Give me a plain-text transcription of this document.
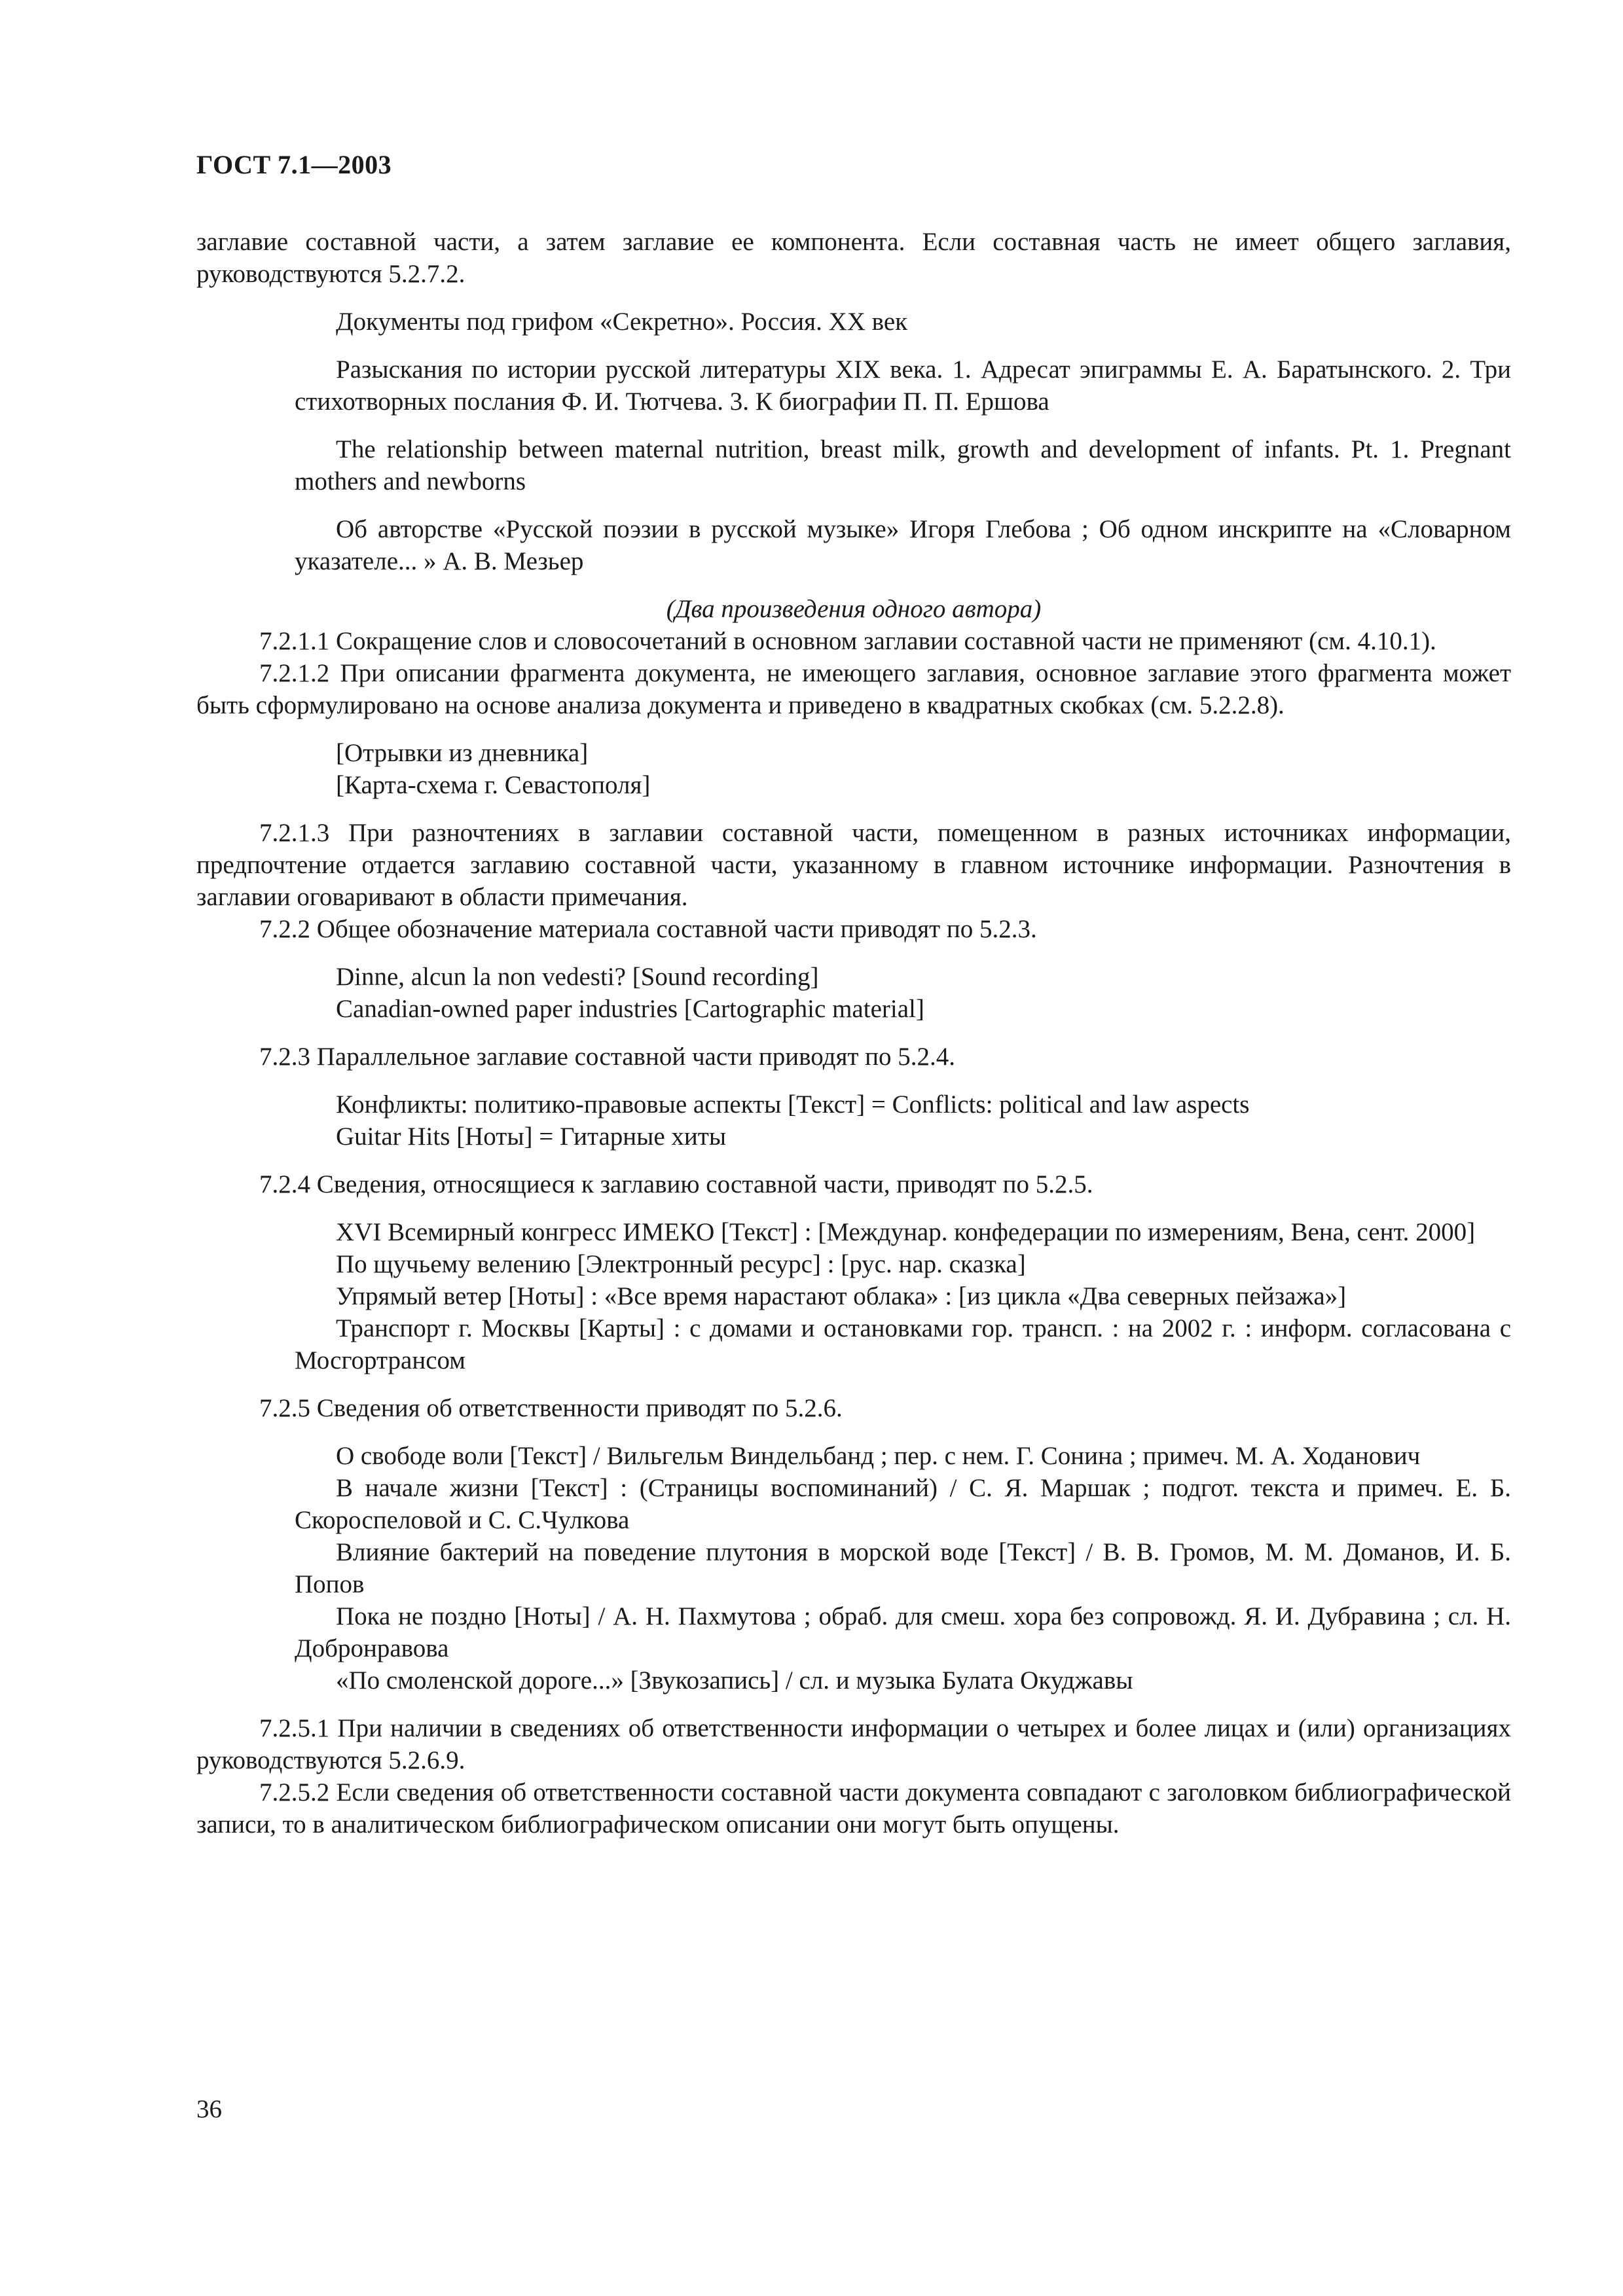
ГОСТ 7.1—2003

заглавие составной части, а затем заглавие ее компонента. Если составная часть не имеет общего заглавия, руководствуются 5.2.7.2.

Документы под грифом «Секретно». Россия. XX век

Разыскания по истории русской литературы XIX века. 1. Адресат эпиграммы Е. А. Баратынского. 2. Три стихотворных послания Ф. И. Тютчева. 3. К биографии П. П. Ершова

The relationship between maternal nutrition, breast milk, growth and development of infants. Pt. 1. Pregnant mothers and newborns

Об авторстве «Русской поэзии в русской музыке» Игоря Глебова ; Об одном инскрипте на «Словарном указателе... » А. В. Мезьер

(Два произведения одного автора)

7.2.1.1 Сокращение слов и словосочетаний в основном заглавии составной части не применяют (см. 4.10.1).

7.2.1.2 При описании фрагмента документа, не имеющего заглавия, основное заглавие этого фрагмента может быть сформулировано на основе анализа документа и приведено в квадратных скобках (см. 5.2.2.8).

[Отрывки из дневника]

[Карта-схема г. Севастополя]

7.2.1.3 При разночтениях в заглавии составной части, помещенном в разных источниках информации, предпочтение отдается заглавию составной части, указанному в главном источнике информации. Разночтения в заглавии оговаривают в области примечания.

7.2.2 Общее обозначение материала составной части приводят по 5.2.3.

Dinne, alcun la non vedesti? [Sound recording]

Canadian-owned paper industries [Cartographic material]

7.2.3 Параллельное заглавие составной части приводят по 5.2.4.

Конфликты: политико-правовые аспекты [Текст] = Conflicts: political and law aspects

Guitar Hits [Ноты] = Гитарные хиты

7.2.4 Сведения, относящиеся к заглавию составной части, приводят по 5.2.5.

XVI Всемирный конгресс ИМЕКО [Текст] : [Междунар. конфедерации по измерениям, Вена, сент. 2000]

По щучьему велению [Электронный ресурс] : [рус. нар. сказка]

Упрямый ветер [Ноты] : «Все время нарастают облака» : [из цикла «Два северных пейзажа»]

Транспорт г. Москвы [Карты] : с домами и остановками гор. трансп. : на 2002 г. : информ. согласована с Мосгортрансом

7.2.5 Сведения об ответственности приводят по 5.2.6.

О свободе воли [Текст] / Вильгельм Виндельбанд ; пер. с нем. Г. Сонина ; примеч. М. А. Ходанович

В начале жизни [Текст] : (Страницы воспоминаний) / С. Я. Маршак ; подгот. текста и примеч. Е. Б. Скороспеловой и С. С.Чулкова

Влияние бактерий на поведение плутония в морской воде [Текст] / В. В. Громов, М. М. Доманов, И. Б. Попов

Пока не поздно [Ноты] / А. Н. Пахмутова ; обраб. для смеш. хора без сопровожд. Я. И. Дубравина ; сл. Н. Добронравова

«По смоленской дороге...» [Звукозапись] / сл. и музыка Булата Окуджавы

7.2.5.1 При наличии в сведениях об ответственности информации о четырех и более лицах и (или) организациях руководствуются 5.2.6.9.

7.2.5.2 Если сведения об ответственности составной части документа совпадают с заголовком библиографической записи, то в аналитическом библиографическом описании они могут быть опущены.

36
